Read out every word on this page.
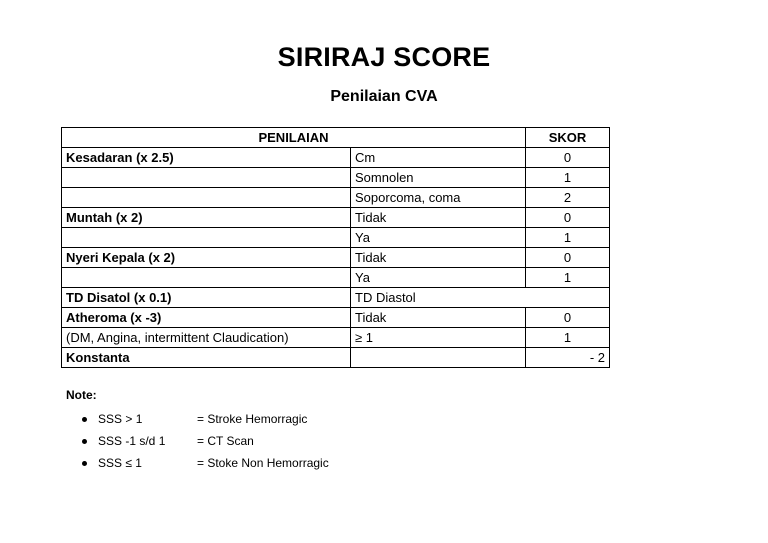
SIRIRAJ SCORE
Penilaian CVA
PENILAIAN		SKOR
Kesadaran (x 2.5)	Cm	0
	Somnolen	1
	Soporcoma, coma	2
Muntah (x 2)	Tidak	0
	Ya	1
Nyeri Kepala (x 2)	Tidak	0
	Ya	1
TD Disatol (x 0.1)	TD Diastol	
Atheroma (x -3)	Tidak	0
(DM, Angina, intermittent Claudication)	≥ 1	1
Konstanta		- 2
Note:
SSS > 1	= Stroke Hemorragic
SSS -1 s/d 1	= CT Scan
SSS ≤ 1	= Stoke Non Hemorragic
